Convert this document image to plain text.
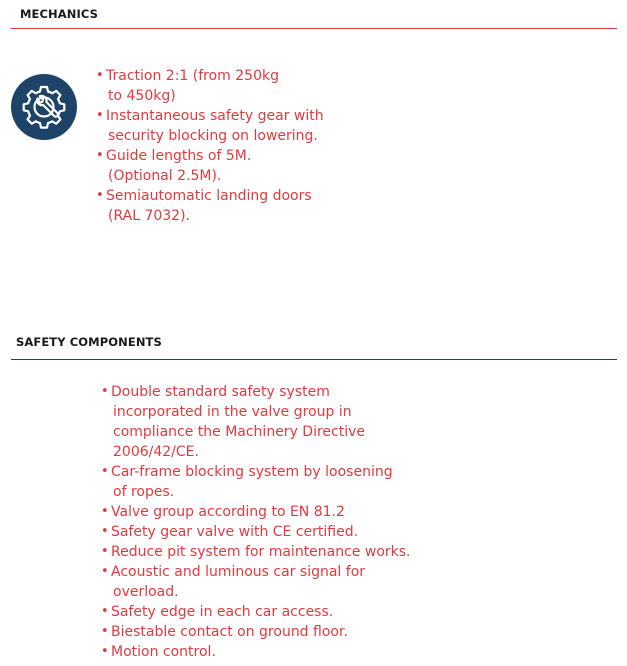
MECHANICS
• Traction 2:1 (from 250kg
to 450kg)
• Instantaneous safety gear with
security blocking on lowering.
• Guide lengths of 5M.
(Optional 2.5M).
• Semiautomatic landing doors
(RAL 7032).
SAFETY COMPONENTS
• Double standard safety system
incorporated in the valve group in
compliance the Machinery Directive
2006/42/CE.
• Car-frame blocking system by loosening
of ropes.
• Valve group according to EN 81.2
• Safety gear valve with CE certified.
• Reduce pit system for maintenance works.
• Acoustic and luminous car signal for
overload.
• Safety edge in each car access.
• Biestable contact on ground floor.
• Motion control.
